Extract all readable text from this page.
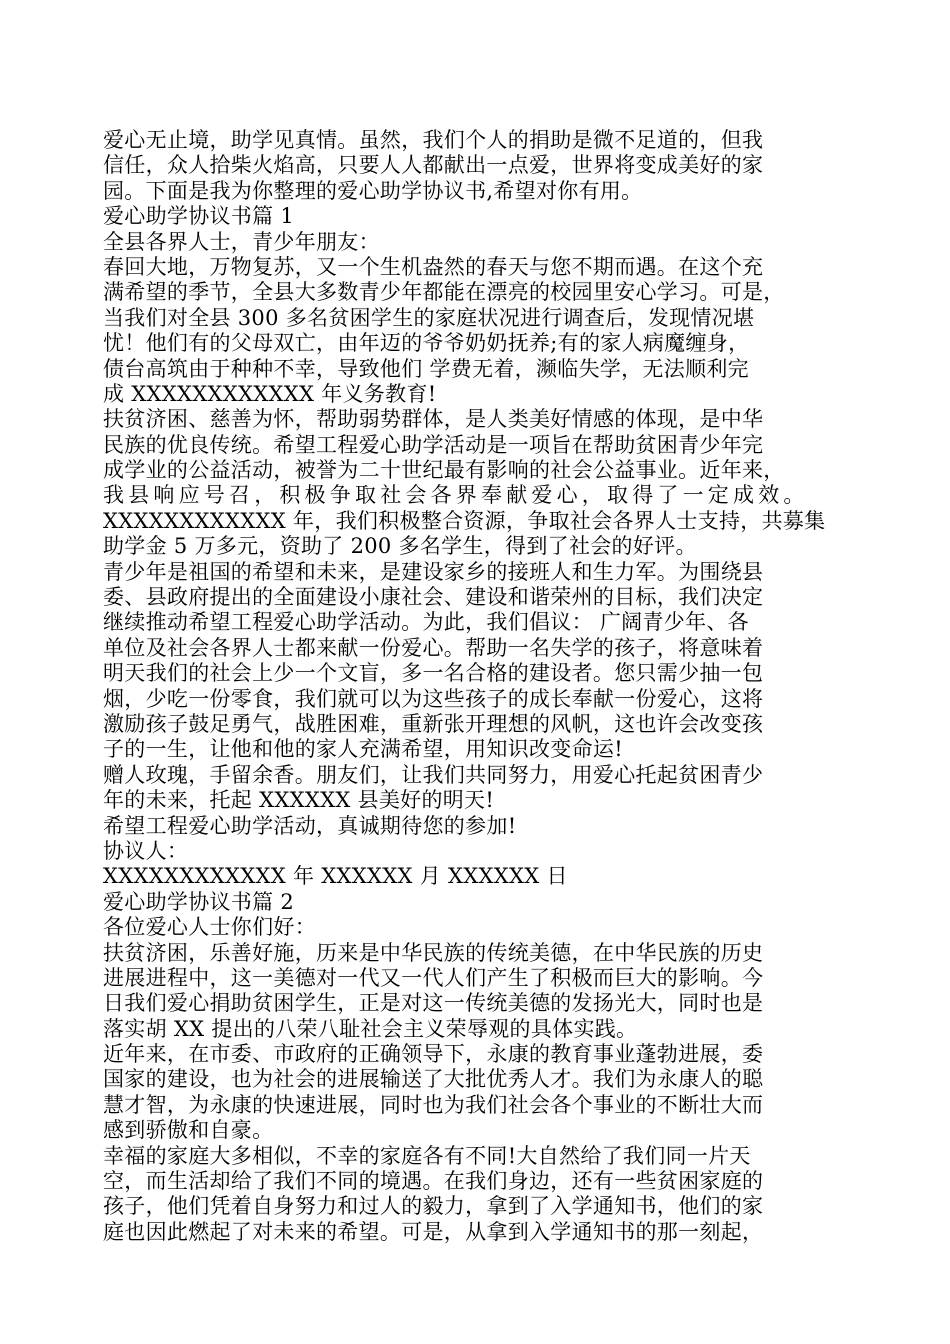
爱心无止境，助学见真情。虽然，我们个人的捐助是微不足道的，但我
信任，众人拾柴火焰高，只要人人都献出一点爱，世界将变成美好的家
园。下面是我为你整理的爱心助学协议书,希望对你有用。
爱心助学协议书篇 1
全县各界人士，青少年朋友：
春回大地，万物复苏，又一个生机盎然的春天与您不期而遇。在这个充
满希望的季节，全县大多数青少年都能在漂亮的校园里安心学习。可是，
当我们对全县 300 多名贫困学生的家庭状况进行调查后，发现情况堪
忧！他们有的父母双亡，由年迈的爷爷奶奶抚养;有的家人病魔缠身，
债台高筑由于种种不幸，导致他们 学费无着，濒临失学，无法顺利完
成 XXXXXXXXXXXX 年义务教育!
扶贫济困、慈善为怀，帮助弱势群体，是人类美好情感的体现，是中华
民族的优良传统。希望工程爱心助学活动是一项旨在帮助贫困青少年完
成学业的公益活动，被誉为二十世纪最有影响的社会公益事业。近年来，
我县响应号召，积极争取社会各界奉献爱心，取得了一定成效。
XXXXXXXXXXXX 年，我们积极整合资源，争取社会各界人士支持，共募集
助学金 5 万多元，资助了 200 多名学生，得到了社会的好评。
青少年是祖国的希望和未来，是建设家乡的接班人和生力军。为围绕县
委、县政府提出的全面建设小康社会、建设和谐荣州的目标，我们决定
继续推动希望工程爱心助学活动。为此，我们倡议： 广阔青少年、各
单位及社会各界人士都来献一份爱心。帮助一名失学的孩子，将意味着
明天我们的社会上少一个文盲，多一名合格的建设者。您只需少抽一包
烟，少吃一份零食，我们就可以为这些孩子的成长奉献一份爱心，这将
激励孩子鼓足勇气，战胜困难，重新张开理想的风帆，这也许会改变孩
子的一生，让他和他的家人充满希望，用知识改变命运!
赠人玫瑰，手留余香。朋友们，让我们共同努力，用爱心托起贫困青少
年的未来，托起 XXXXXX 县美好的明天!
希望工程爱心助学活动，真诚期待您的参加!
协议人：
XXXXXXXXXXXX 年 XXXXXX 月 XXXXXX 日
爱心助学协议书篇 2
各位爱心人士你们好：
扶贫济困，乐善好施，历来是中华民族的传统美德，在中华民族的历史
进展进程中，这一美德对一代又一代人们产生了积极而巨大的影响。今
日我们爱心捐助贫困学生，正是对这一传统美德的发扬光大，同时也是
落实胡 XX 提出的八荣八耻社会主义荣辱观的具体实践。
近年来，在市委、市政府的正确领导下，永康的教育事业蓬勃进展，委
国家的建设，也为社会的进展输送了大批优秀人才。我们为永康人的聪
慧才智，为永康的快速进展，同时也为我们社会各个事业的不断壮大而
感到骄傲和自豪。
幸福的家庭大多相似，不幸的家庭各有不同!大自然给了我们同一片天
空，而生活却给了我们不同的境遇。在我们身边，还有一些贫困家庭的
孩子，他们凭着自身努力和过人的毅力，拿到了入学通知书，他们的家
庭也因此燃起了对未来的希望。可是，从拿到入学通知书的那一刻起，
